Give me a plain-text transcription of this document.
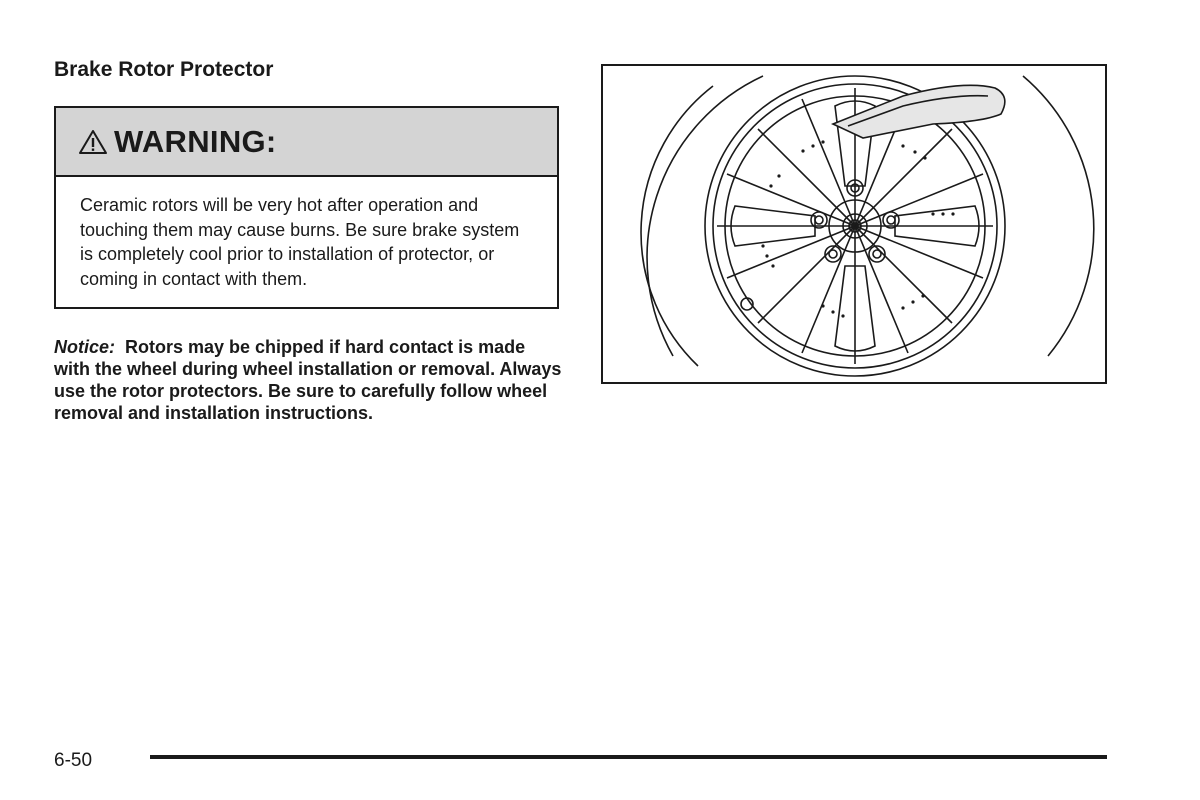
Brake Rotor Protector
WARNING:
Ceramic rotors will be very hot after operation and touching them may cause burns. Be sure brake system is completely cool prior to installation of protector, or coming in contact with them.

Notice: Rotors may be chipped if hard contact is made with the wheel during wheel installation or removal. Always use the rotor protectors. Be sure to carefully follow wheel removal and installation instructions.

6-50
